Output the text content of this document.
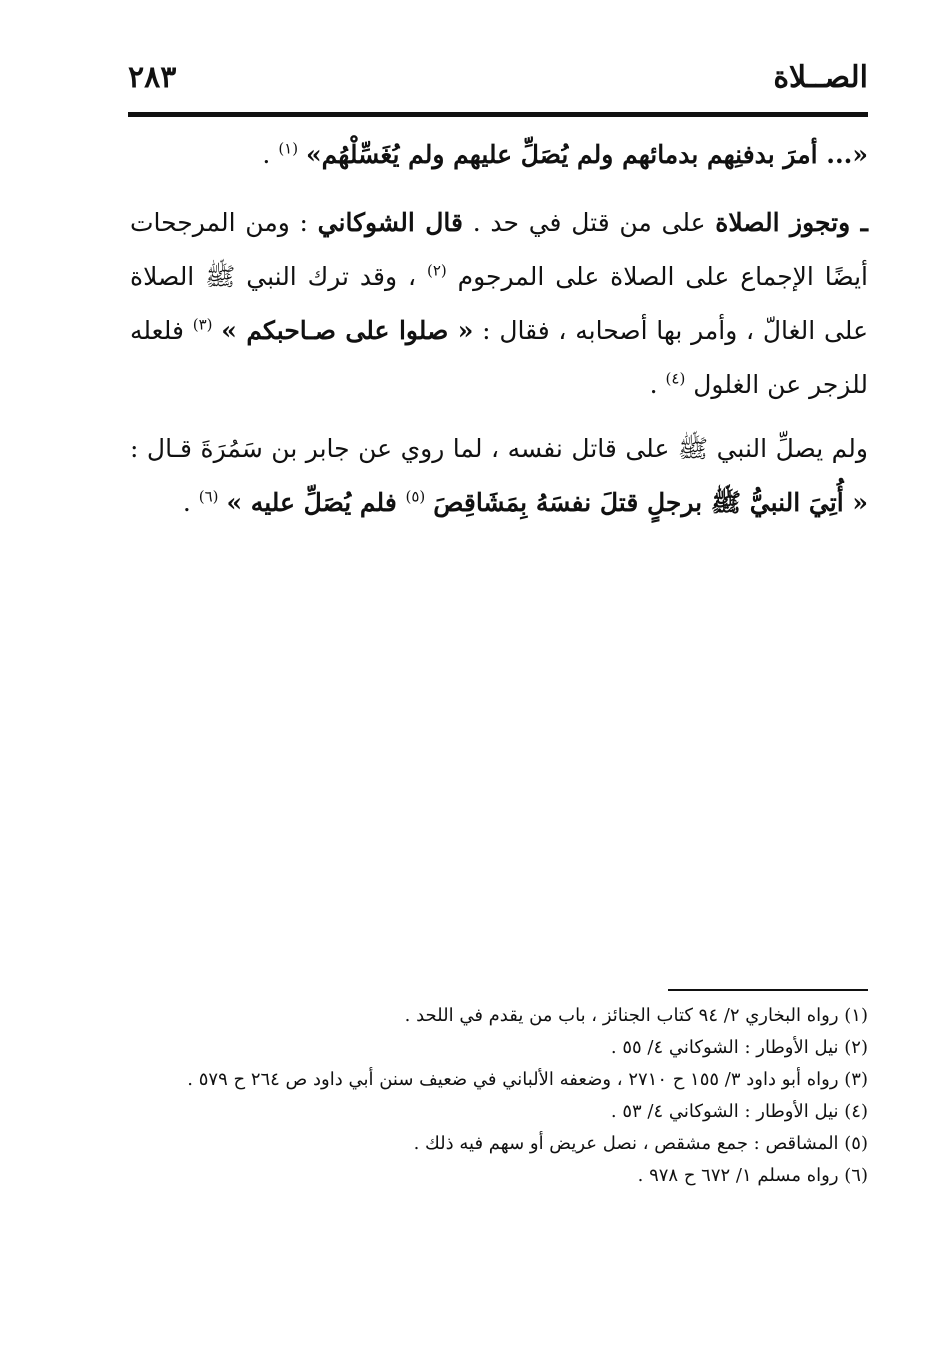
الصــلاة
٢٨٣

«... أمرَ بدفنِهم بدمائهم ولم يُصَلِّ عليهم ولم يُغَسِّلْهُم» $^{(١)}$ .

ـ وتجوز الصلاة على من قتل في حد . قال الشوكاني : ومن المرجحات أيضًا الإجماع على الصلاة على المرجوم $^{(٢)}$ ، وقد ترك النبي ﷺ الصلاة على الغالّ ، وأمر بها أصحابه ، فقال : « صلوا على صـاحبكم » $^{(٣)}$ فلعله للزجر عن الغلول $^{(٤)}$ .

ولم يصلِّ النبي ﷺ على قاتل نفسه ، لما روي عن جابر بن سَمُرَةَ قـال : « أُتِيَ النبيُّ ﷺ برجلٍ قتلَ نفسَهُ بِمَشَاقِصَ $^{(٥)}$ فلم يُصَلِّ عليه » $^{(٦)}$ .

(١) رواه البخاري ٢/ ٩٤ كتاب الجنائز ، باب من يقدم في اللحد .

(٢) نيل الأوطار : الشوكاني ٤/ ٥٥ .

(٣) رواه أبو داود ٣/ ١٥٥ ح ٢٧١٠ ، وضعفه الألباني في ضعيف سنن أبي داود ص ٢٦٤ ح ٥٧٩ .

(٤) نيل الأوطار : الشوكاني ٤/ ٥٣ .

(٥) المشاقص : جمع مشقص ، نصل عريض أو سهم فيه ذلك .

(٦) رواه مسلم ١/ ٦٧٢ ح ٩٧٨ .
